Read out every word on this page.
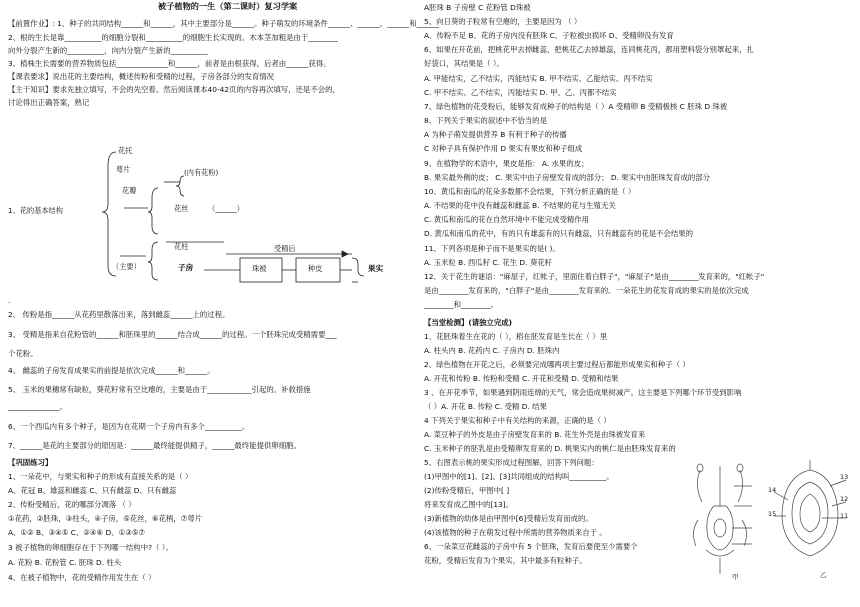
被子植物的一生（第二课时）复习学案
【前置作业】: 1、种子的共同结构______和______，其中主要部分是______。种子萌发的环境条件______、______、______和______
2、根的生长是靠__________的细胞分裂和__________的细胞生长实现的。木本茎加粗是由于________
向外分裂产生新的__________，向内分裂产生新的__________
3、植株生长需要的营养物质包括______________和______，前者是由根获得，后者由______获得。
【课表要求】说出花的主要结构，概述传粉和受精的过程，子房各部分的发育情况
【主干知识】要求先独立填写，不会的先空着。然后阅读课本40-42页的内容再次填写，还是不会的，
讨论得出正确答案，熟记
花托
萼片
花瓣
(内有花粉)
花丝	（______）
1、花的基本结构
花柱
（主要）	子房
受精后
珠被	种皮	果实
.
2、 传粉是指______从花药里散落出来，落到雌蕊______上的过程。
3、 受精是指来自花粉管的______和胚珠里的______结合成______的过程。一个胚珠完成受精需要___
个花粉。
4、 雌蕊的子房发育成果实的前提是依次完成______和______。
5、 玉米的果穗常有缺粒，葵花籽常有空比瘪的，主要是由于____________引起的。补救措施
______________。
6、一个西瓜内有多个种子，是因为在花期一个子房内有多个__________。
7、______是花的主要部分的原因是：______最终能提供精子，______最终能提供卵细胞。
【巩固练习】
1、一朵花中，与果实和种子的形成有直接关系的是（ ）
A、花冠 B、雄蕊和雌蕊 C、只有雌蕊 D、只有雌蕊
2、传粉受精后，花的哪部分凋落 （ ）
①花药，②胚珠，③柱头，④子房，⑤花丝，⑥花柄，⑦萼片
A、①② B、③④⑤ C、②④⑥ D、①③⑤⑦
3 被子植物的卵细胞存在于下列哪一结构中?（ ）。
A. 花粉 B. 花粉管 C. 胚珠 D. 柱头
4、在被子植物中，花的受精作用发生在（ ）
A胚珠 B 子房壁 C 花粉管 D珠被
5、向日葵的子粒常有空瘪的，主要是因为 （ ）
A、传粉不足 B、花的子房内没有胚珠 C、子粒被虫损坏 D、受精卵没有发育
6、如果在开花前，把桃花甲去掉雌蕊，把桃花乙去掉雄蕊，连同桃花丙，都用塑料袋分别罩起来，扎
好袋口，其结果是（ ）。
A. 甲能结实，乙不结实，丙能结实 B. 甲不结实、乙能结实、丙不结实
C. 甲不结实、乙不结实，丙能结实 D. 甲、乙、丙都不结实
7、绿色植物的花受粉后，能够发育成种子的结构是（ ）A 受精卵 B 受精极核 C 胚珠 D 珠被
8、下列关于果实的叙述中不恰当的是
A 为种子萌发提供营养 B 有利于种子的传播
C 对种子具有保护作用 D 果实有果皮和种子组成
9、在植物学的术语中，果皮是指： A. 水果的皮；
B. 果实最外侧的皮； C. 果实中由子房壁发育成的部分； D. 果实中由胚珠发育成的部分
10、黄瓜和南瓜的花朵多数都不会结果，下列分析正确的是（ ）
A. 不结果的花中没有雌蕊和雌蕊 B. 不结果的花与生殖无关
C. 黄瓜和南瓜的花在自然环境中不能完成受精作用
D. 黄瓜和南瓜的花中，有的只有雄蕊有的只有雌蕊，只有雌蕊有的花是不会结果的
11、下列各项是种子而不是果实的是( )。
A. 玉米粒 B. 西瓜籽 C. 花生 D. 葵花籽
12、关于花生的谜语："麻屋子，红帐子，里面住着白胖子"，"麻屋子"是由________发育来的，"红帐子"
是由________发育来的，"白胖子"是由________发育来的。一朵花生的花发育成的果实的是依次完成
________和________。
【当堂检测】(请独立完成)
1、花胚珠着生在花的（ ），稻在胚发育是生长在（ ）里
A. 柱头内 B. 花药内 C. 子房内 D. 胚珠内
2、绿色植物在开花之后，必须要完成哪两项主要过程后都能形成果实和种子（ ）
A. 开花和传粉 B. 传粉和受精 C. 开花和受精 D. 受精和结果
3 、在开花季节，如果遇到阴雨连绵的天气，常会造成果树减产。这主要是下列哪个环节受到影响
（ ）A. 开花 B. 传粉 C. 受精 D. 结果
4 下列关于果实和种子中有关结构的来源，正确的是（ ）
A. 菜豆种子的外皮是由子房壁发育来的 B. 花生外壳是由珠被发育来
C. 玉米种子的胚乳是由受精卵发育来的 D. 桃果实内的桃仁是由胚珠发育来的
5、右图表示桃的果实形成过程图解，回答下列问题：
(1)甲图中的[1]、[2]、[3]共同组成的结构叫__________。
(2)传粉受精后，甲图中[ ]
将来发育成乙图中的[13]。
(3)新植物的幼体是由甲图中[6]受精后发育而成的。
(4)该植物的种子在萌发过程中所需的营养物质来自于 。
6、一朵菜豆花雌蕊的子房中有 5 个胚珠，发育后要使至少需要个
花粉，受精后发育为个果实，其中最多有粒种子。
甲
14
15
13
12
11
乙
